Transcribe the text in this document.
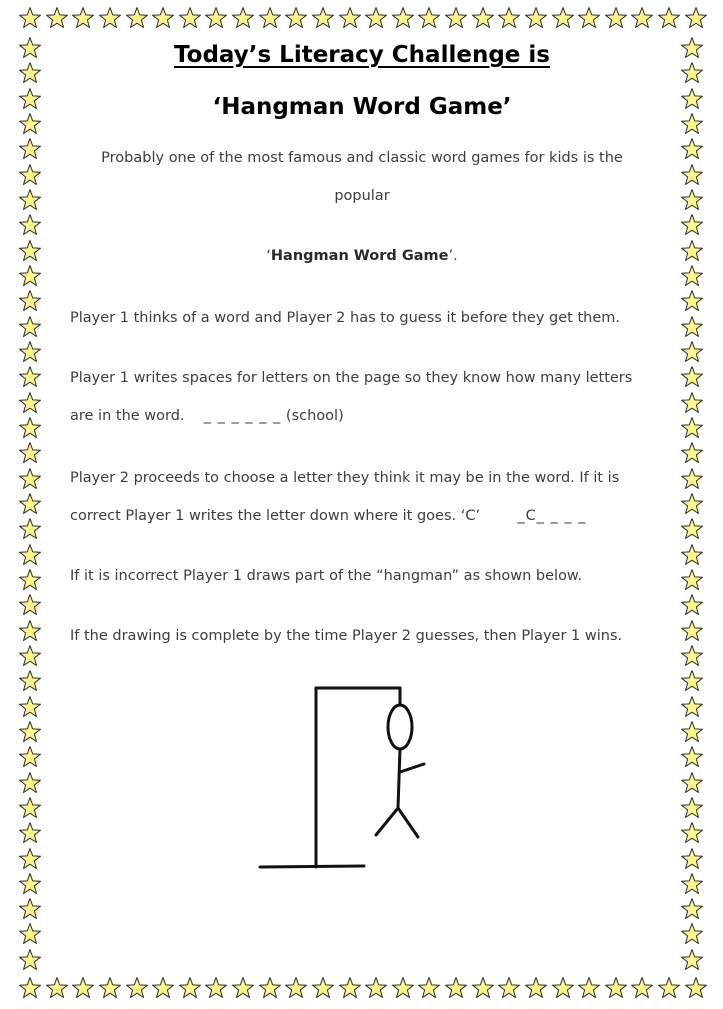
Today’s Literacy Challenge is
‘Hangman Word Game’
Probably one of the most famous and classic word games for kids is the
popular
‘Hangman Word Game’.
Player 1 thinks of a word and Player 2 has to guess it before they get them.
Player 1 writes spaces for letters on the page so they know how many letters
are in the word. _ _ _ _ _ _ (school)
Player 2 proceeds to choose a letter they think it may be in the word. If it is
correct Player 1 writes the letter down where it goes. ‘C’	_C_ _ _ _
If it is incorrect Player 1 draws part of the “hangman” as shown below.
If the drawing is complete by the time Player 2 guesses, then Player 1 wins.
